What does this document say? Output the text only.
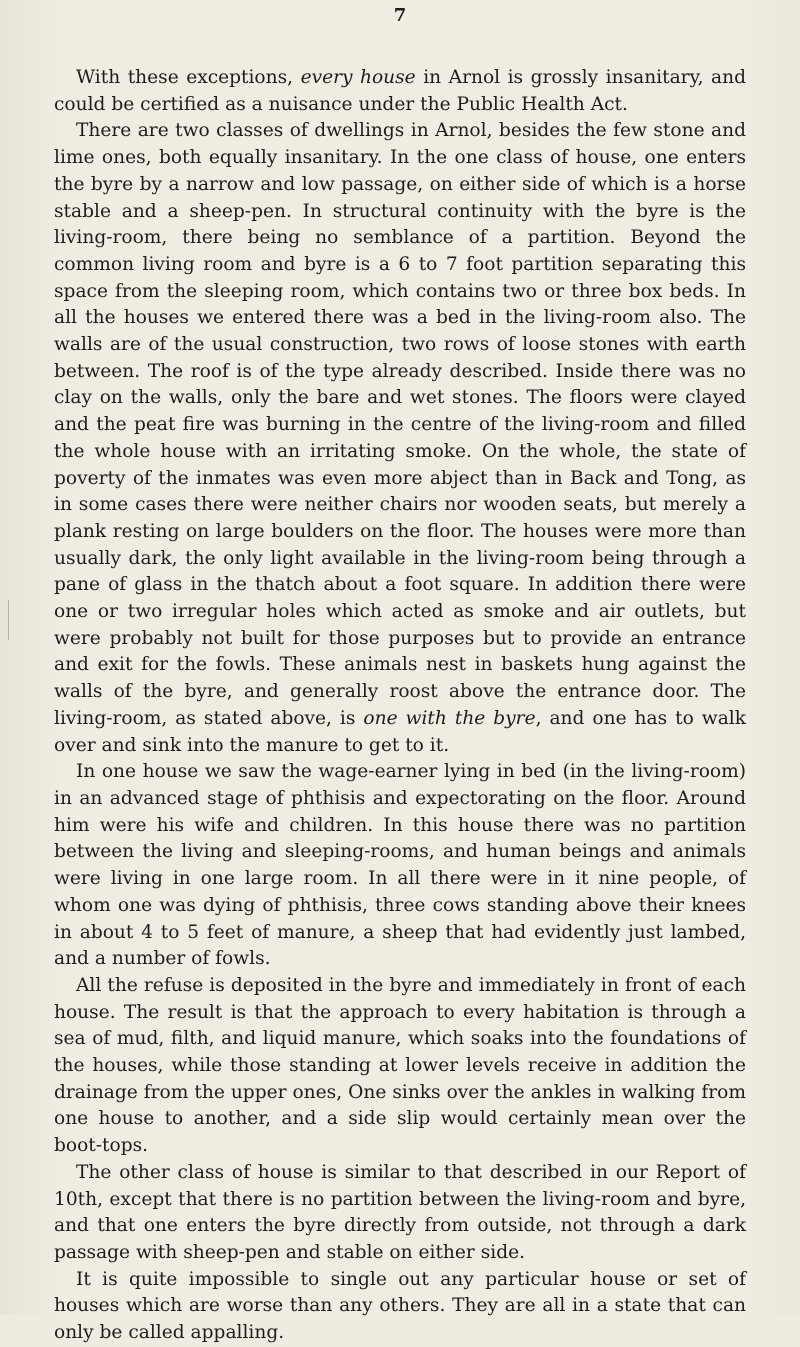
7

With these exceptions, every house in Arnol is grossly insanitary, and could be certified as a nuisance under the Public Health Act.

There are two classes of dwellings in Arnol, besides the few stone and lime ones, both equally insanitary. In the one class of house, one enters the byre by a narrow and low passage, on either side of which is a horse stable and a sheep-pen. In structural continuity with the byre is the living-room, there being no semblance of a partition. Beyond the common living room and byre is a 6 to 7 foot partition separating this space from the sleeping room, which contains two or three box beds. In all the houses we entered there was a bed in the living-room also. The walls are of the usual construction, two rows of loose stones with earth between. The roof is of the type already described. Inside there was no clay on the walls, only the bare and wet stones. The floors were clayed and the peat fire was burning in the centre of the living-room and filled the whole house with an irritating smoke. On the whole, the state of poverty of the inmates was even more abject than in Back and Tong, as in some cases there were neither chairs nor wooden seats, but merely a plank resting on large boulders on the floor. The houses were more than usually dark, the only light available in the living-room being through a pane of glass in the thatch about a foot square. In addition there were one or two irregular holes which acted as smoke and air outlets, but were probably not built for those purposes but to provide an entrance and exit for the fowls. These animals nest in baskets hung against the walls of the byre, and generally roost above the entrance door. The living-room, as stated above, is one with the byre, and one has to walk over and sink into the manure to get to it.

In one house we saw the wage-earner lying in bed (in the living-room) in an advanced stage of phthisis and expectorating on the floor. Around him were his wife and children. In this house there was no partition between the living and sleeping-rooms, and human beings and animals were living in one large room. In all there were in it nine people, of whom one was dying of phthisis, three cows standing above their knees in about 4 to 5 feet of manure, a sheep that had evidently just lambed, and a number of fowls.

All the refuse is deposited in the byre and immediately in front of each house. The result is that the approach to every habitation is through a sea of mud, filth, and liquid manure, which soaks into the foundations of the houses, while those standing at lower levels receive in addition the drainage from the upper ones, One sinks over the ankles in walking from one house to another, and a side slip would certainly mean over the boot-tops.

The other class of house is similar to that described in our Report of 10th, except that there is no partition between the living-room and byre, and that one enters the byre directly from outside, not through a dark passage with sheep-pen and stable on either side.

It is quite impossible to single out any particular house or set of houses which are worse than any others. They are all in a state that can only be called appalling.
